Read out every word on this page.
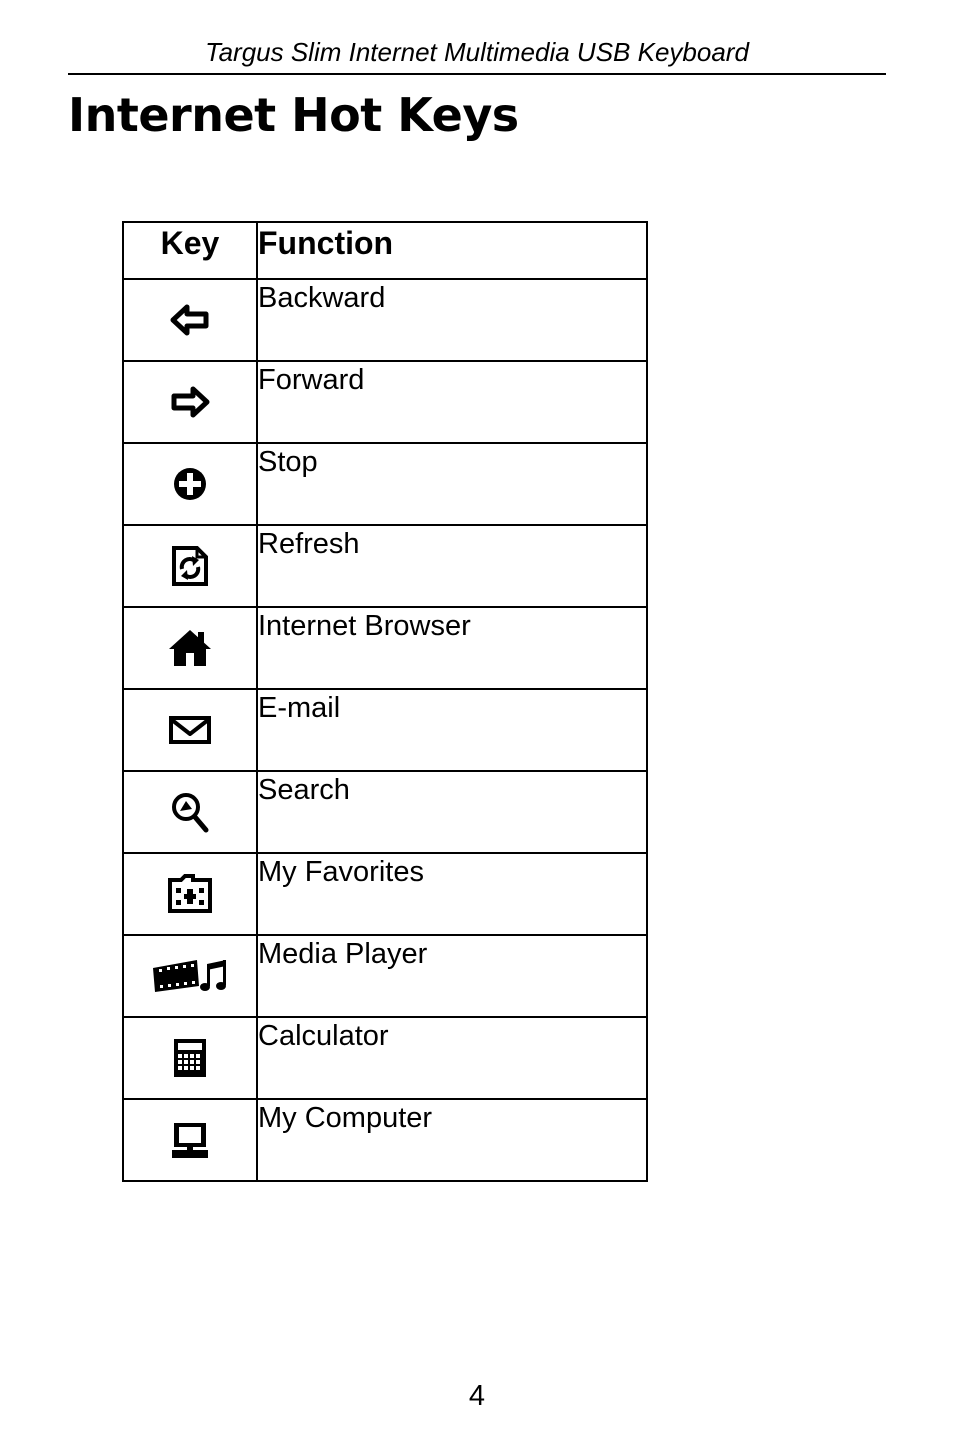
Targus Slim Internet Multimedia USB Keyboard
Internet Hot Keys
Key	Function

	Backward

	Forward

	Stop

	Refresh

	Internet Browser

	E-mail

	Search

	My Favorites

	Media Player

	Calculator

	My Computer
4
